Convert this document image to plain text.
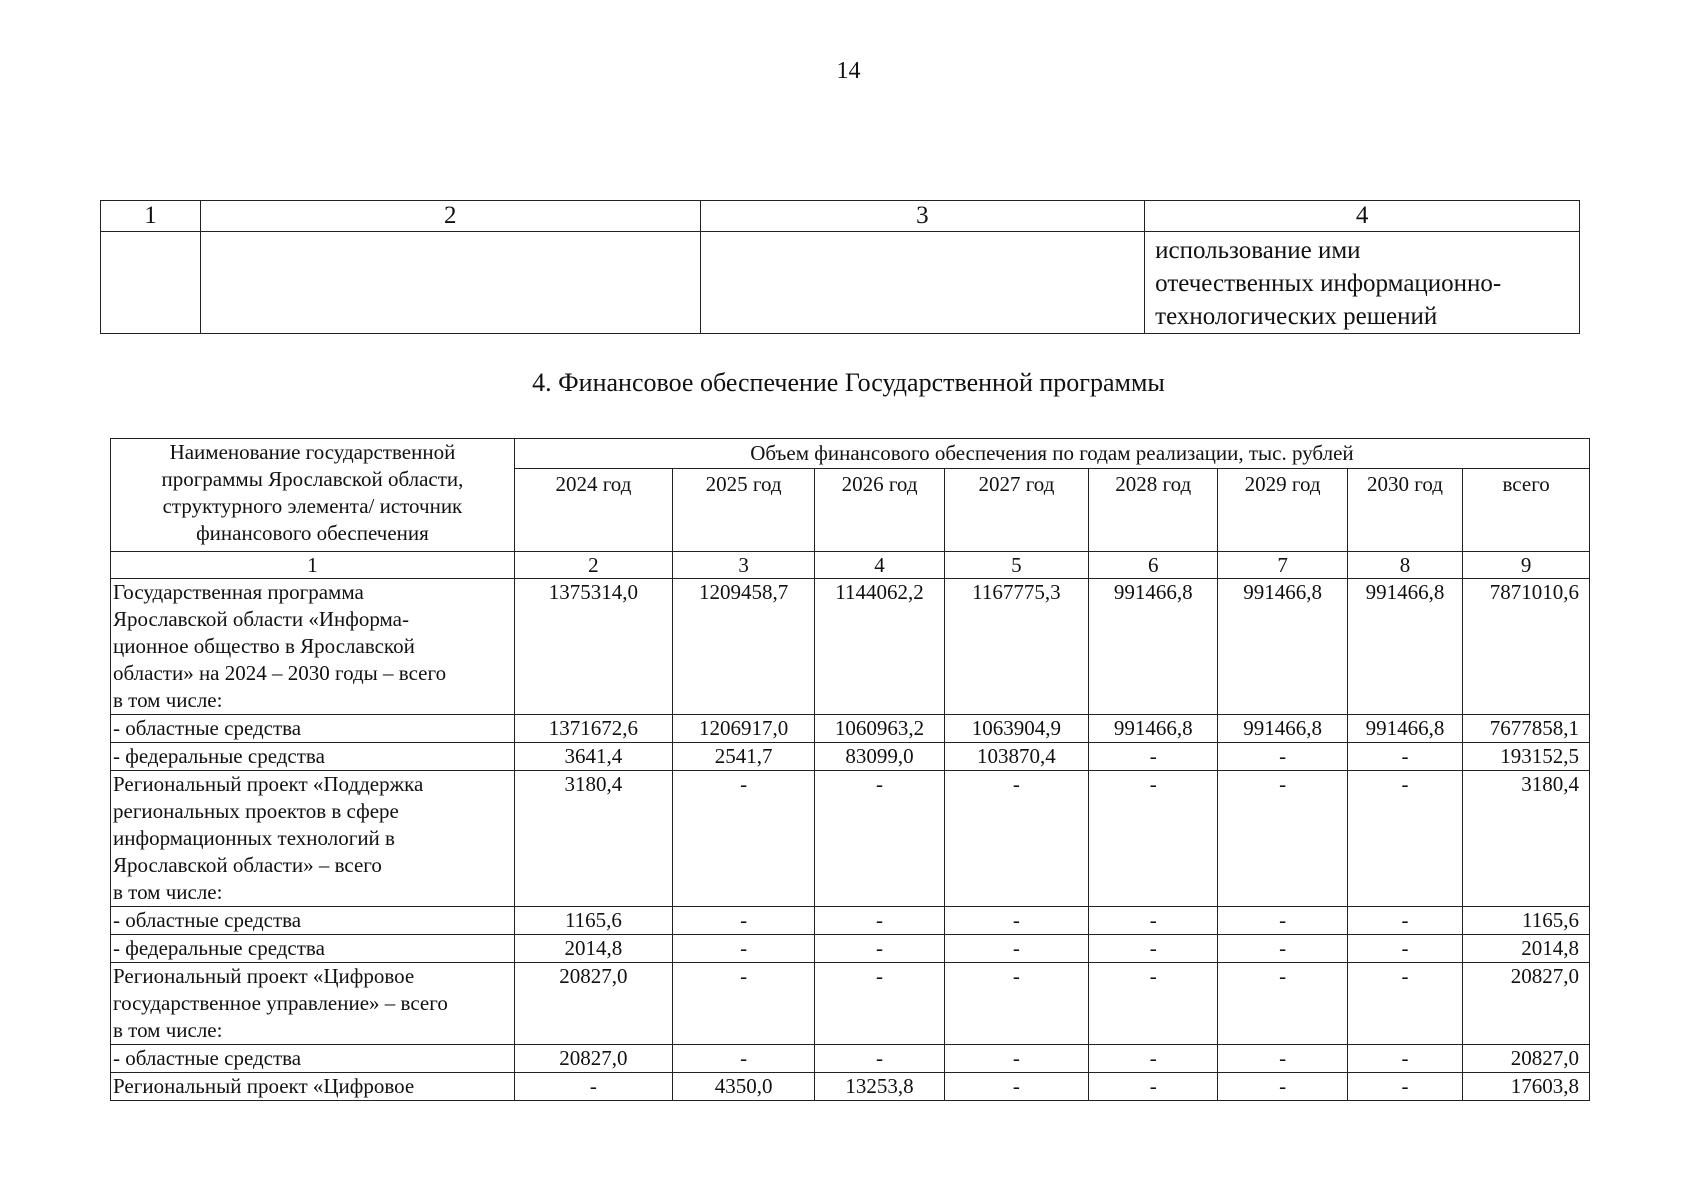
14
1	2	3	4

			использование ими
отечественных информационно-
технологических решений
4. Финансовое обеспечение Государственной программы
Наименование государственной
программы Ярославской области,
структурного элемента/ источник
финансового обеспечения	Объем финансового обеспечения по годам реализации, тыс. рублей							
	2024 год	2025 год	2026 год	2027 год	2028 год	2029 год	2030 год	всего
1	2	3	4	5	6	7	8	9

Государственная программа
Ярославской области «Информа-
ционное общество в Ярославской
области» на 2024 – 2030 годы – всего
в том числе:	1375314,0	1209458,7	1144062,2	1167775,3	991466,8	991466,8	991466,8	7871010,6

- областные средства	1371672,6	1206917,0	1060963,2	1063904,9	991466,8	991466,8	991466,8	7677858,1

- федеральные средства	3641,4	2541,7	83099,0	103870,4	-	-	-	193152,5

Региональный проект «Поддержка
региональных проектов в сфере
информационных технологий в
Ярославской области» – всего
в том числе:	3180,4	-	-	-	-	-	-	3180,4

- областные средства	1165,6	-	-	-	-	-	-	1165,6

- федеральные средства	2014,8	-	-	-	-	-	-	2014,8

Региональный проект «Цифровое
государственное управление» – всего
в том числе:	20827,0	-	-	-	-	-	-	20827,0

- областные средства	20827,0	-	-	-	-	-	-	20827,0

Региональный проект «Цифровое	-	4350,0	13253,8	-	-	-	-	17603,8
